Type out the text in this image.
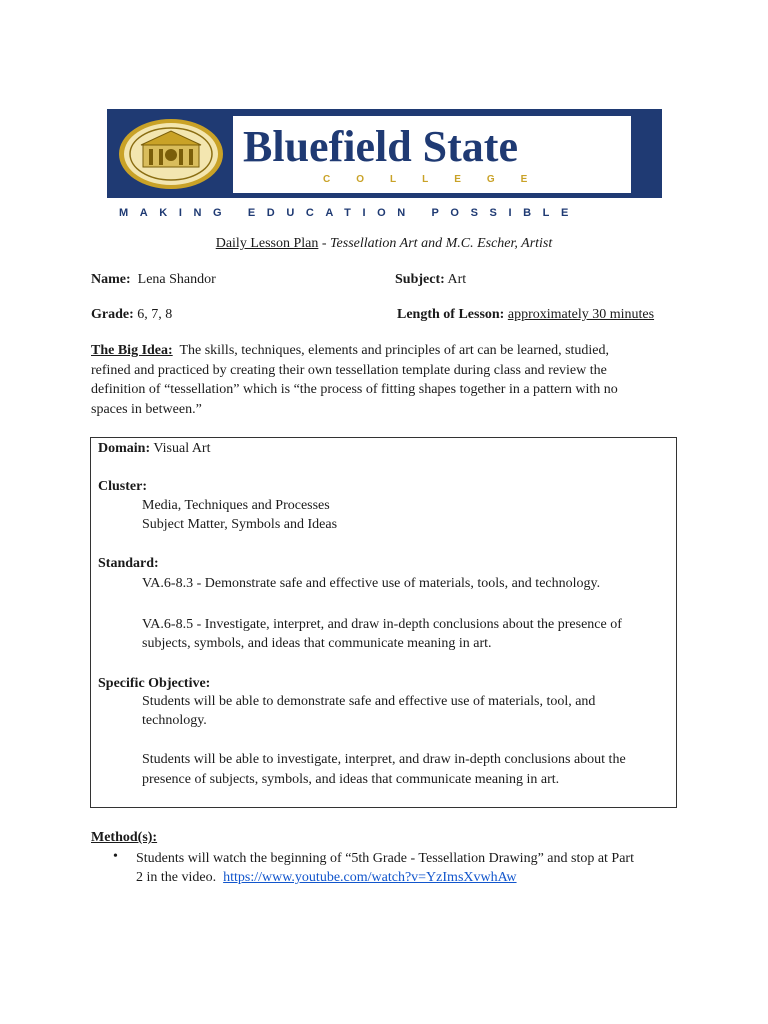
Bluefield State
COLLEGE
MAKING EDUCATION POSSIBLE
Daily Lesson Plan - Tessellation Art and M.C. Escher, Artist
Name: Lena Shandor	Subject: Art
Grade: 6, 7, 8	Length of Lesson: approximately 30 minutes
The Big Idea: The skills, techniques, elements and principles of art can be learned, studied,
refined and practiced by creating their own tessellation template during class and review the
definition of “tessellation” which is “the process of fitting shapes together in a pattern with no
spaces in between.”
Domain: Visual Art
Cluster:
Media, Techniques and Processes
Subject Matter, Symbols and Ideas
Standard:
VA.6-8.3 - Demonstrate safe and effective use of materials, tools, and technology.
VA.6-8.5 - Investigate, interpret, and draw in-depth conclusions about the presence of
subjects, symbols, and ideas that communicate meaning in art.
Specific Objective:
Students will be able to demonstrate safe and effective use of materials, tool, and
technology.
Students will be able to investigate, interpret, and draw in-depth conclusions about the
presence of subjects, symbols, and ideas that communicate meaning in art.
Method(s):
• Students will watch the beginning of “5th Grade - Tessellation Drawing” and stop at Part
2 in the video. https://www.youtube.com/watch?v=YzImsXvwhAw
